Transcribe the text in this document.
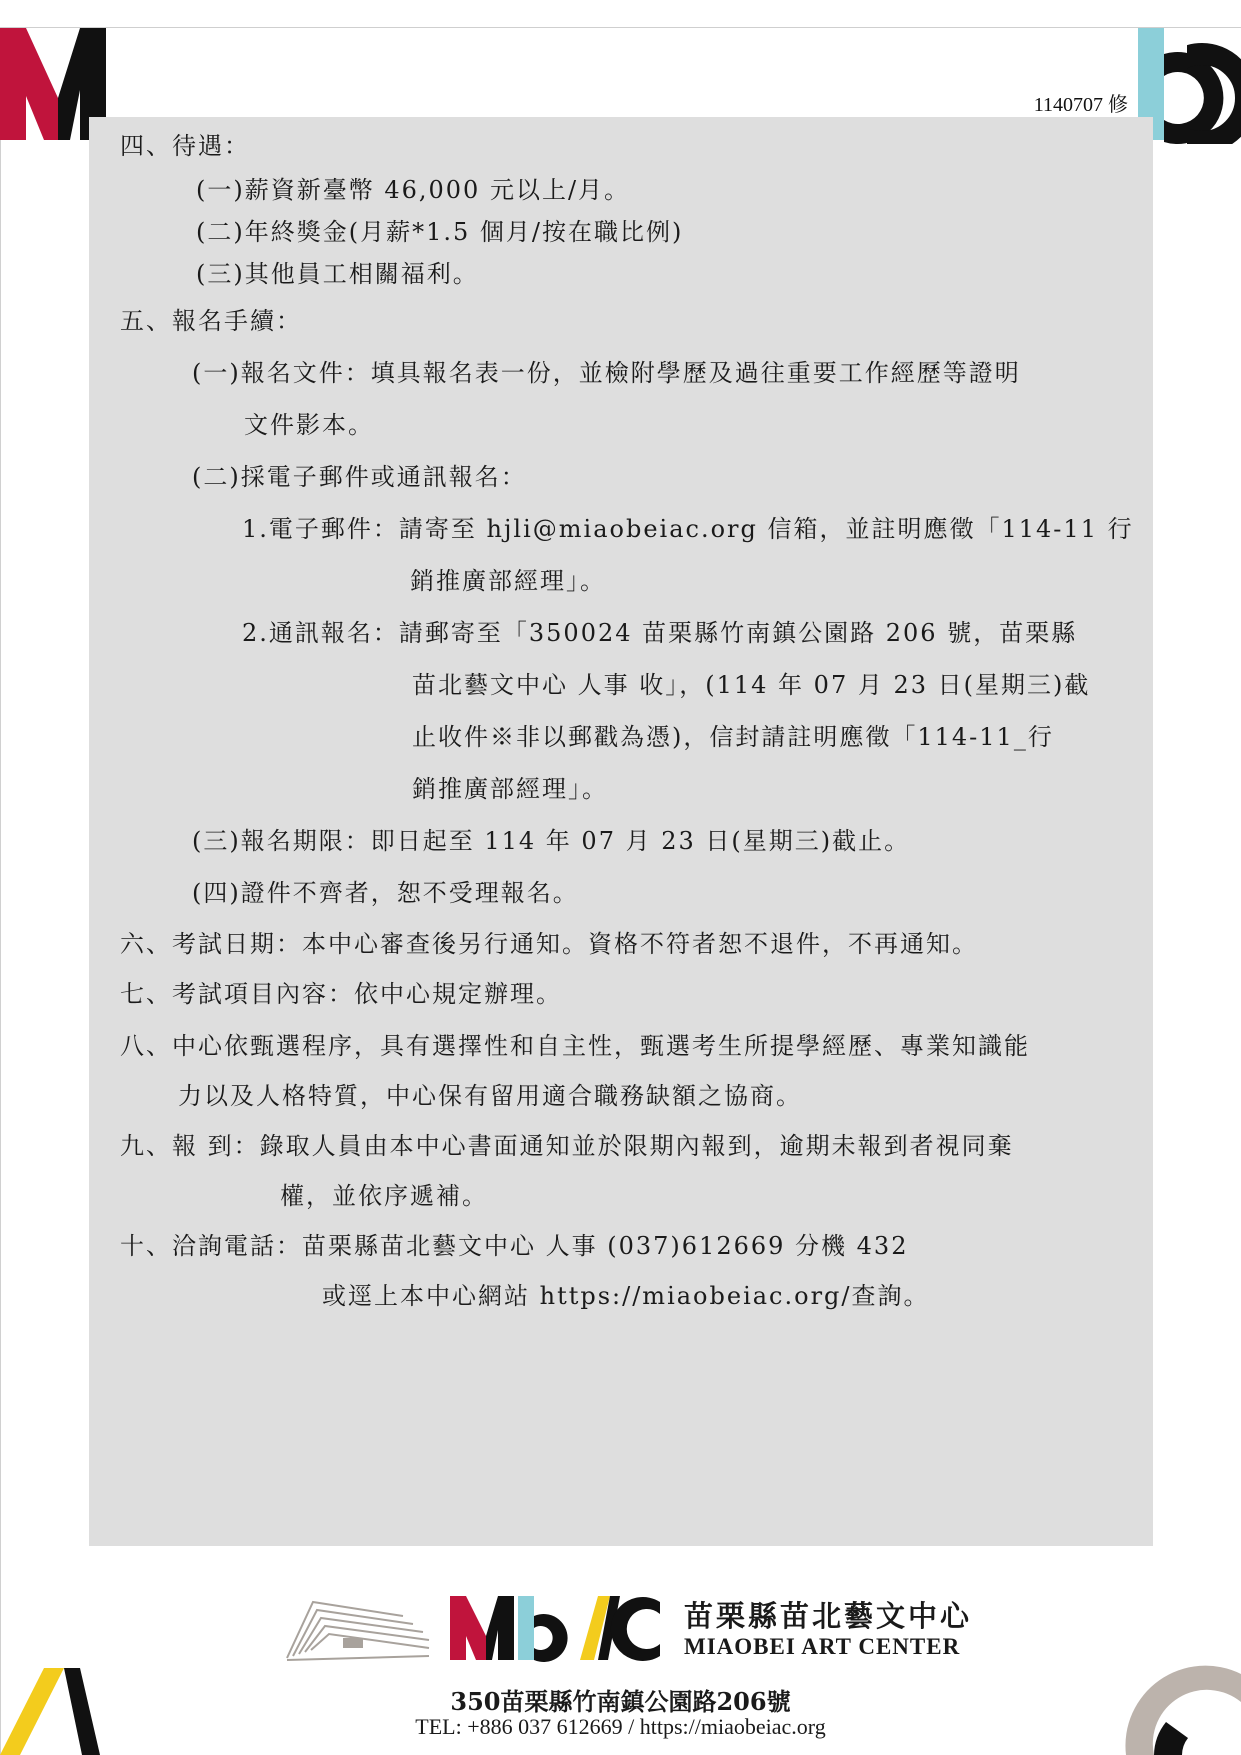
1140707 修
四、待遇：
(一)薪資新臺幣 46,000 元以上/月。
(二)年終獎金(月薪*1.5 個月/按在職比例)
(三)其他員工相關福利。
五、報名手續：
(一)報名文件：填具報名表一份，並檢附學歷及過往重要工作經歷等證明
文件影本。
(二)採電子郵件或通訊報名：
1.電子郵件：請寄至 hjli@miaobeiac.org 信箱，並註明應徵「114-11 行
銷推廣部經理」。
2.通訊報名：請郵寄至「350024 苗栗縣竹南鎮公園路 206 號，苗栗縣
苗北藝文中心 人事 收」，(114 年 07 月 23 日(星期三)截
止收件※非以郵戳為憑)，信封請註明應徵「114-11_行
銷推廣部經理」。
(三)報名期限：即日起至 114 年 07 月 23 日(星期三)截止。
(四)證件不齊者，恕不受理報名。
六、考試日期：本中心審查後另行通知。資格不符者恕不退件，不再通知。
七、考試項目內容：依中心規定辦理。
八、中心依甄選程序，具有選擇性和自主性，甄選考生所提學經歷、專業知識能
力以及人格特質，中心保有留用適合職務缺額之協商。
九、報 到：錄取人員由本中心書面通知並於限期內報到，逾期未報到者視同棄
權，並依序遞補。
十、洽詢電話：苗栗縣苗北藝文中心 人事 (037)612669 分機 432
或逕上本中心網站 https://miaobeiac.org/查詢。
苗栗縣苗北藝文中心
MIAOBEI ART CENTER
350苗栗縣竹南鎮公園路206號
TEL: +886 037 612669 / https://miaobeiac.org
